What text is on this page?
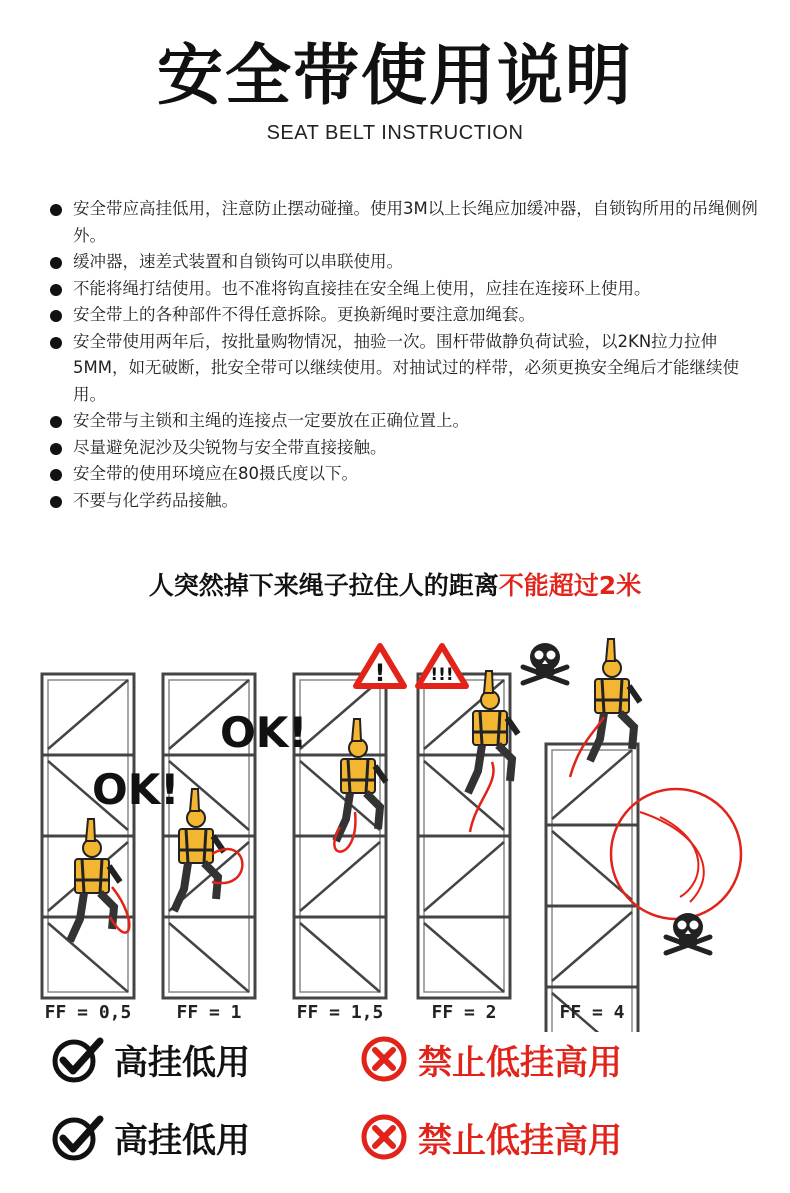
安全带使用说明
SEAT BELT INSTRUCTION
安全带应高挂低用，注意防止摆动碰撞。使用3M以上长绳应加缓冲器，自锁钩所用的吊绳侧例外。
缓冲器，速差式装置和自锁钩可以串联使用。
不能将绳打结使用。也不准将钩直接挂在安全绳上使用，应挂在连接环上使用。
安全带上的各种部件不得任意拆除。更换新绳时要注意加绳套。
安全带使用两年后，按批量购物情况，抽验一次。围杆带做静负荷试验，以2KN拉力拉伸5MM，如无破断，批安全带可以继续使用。对抽试过的样带，必须更换安全绳后才能继续使用。
安全带与主锁和主绳的连接点一定要放在正确位置上。
尽量避免泥沙及尖锐物与安全带直接接触。
安全带的使用环境应在80摄氏度以下。
不要与化学药品接触。
人突然掉下来绳子拉住人的距离不能超过2米
!	!!!
OK!
OK!
FF = 0,5	FF = 1	FF = 1,5	FF = 2	FF = 4
高挂低用	禁止低挂高用
高挂低用	禁止低挂高用
